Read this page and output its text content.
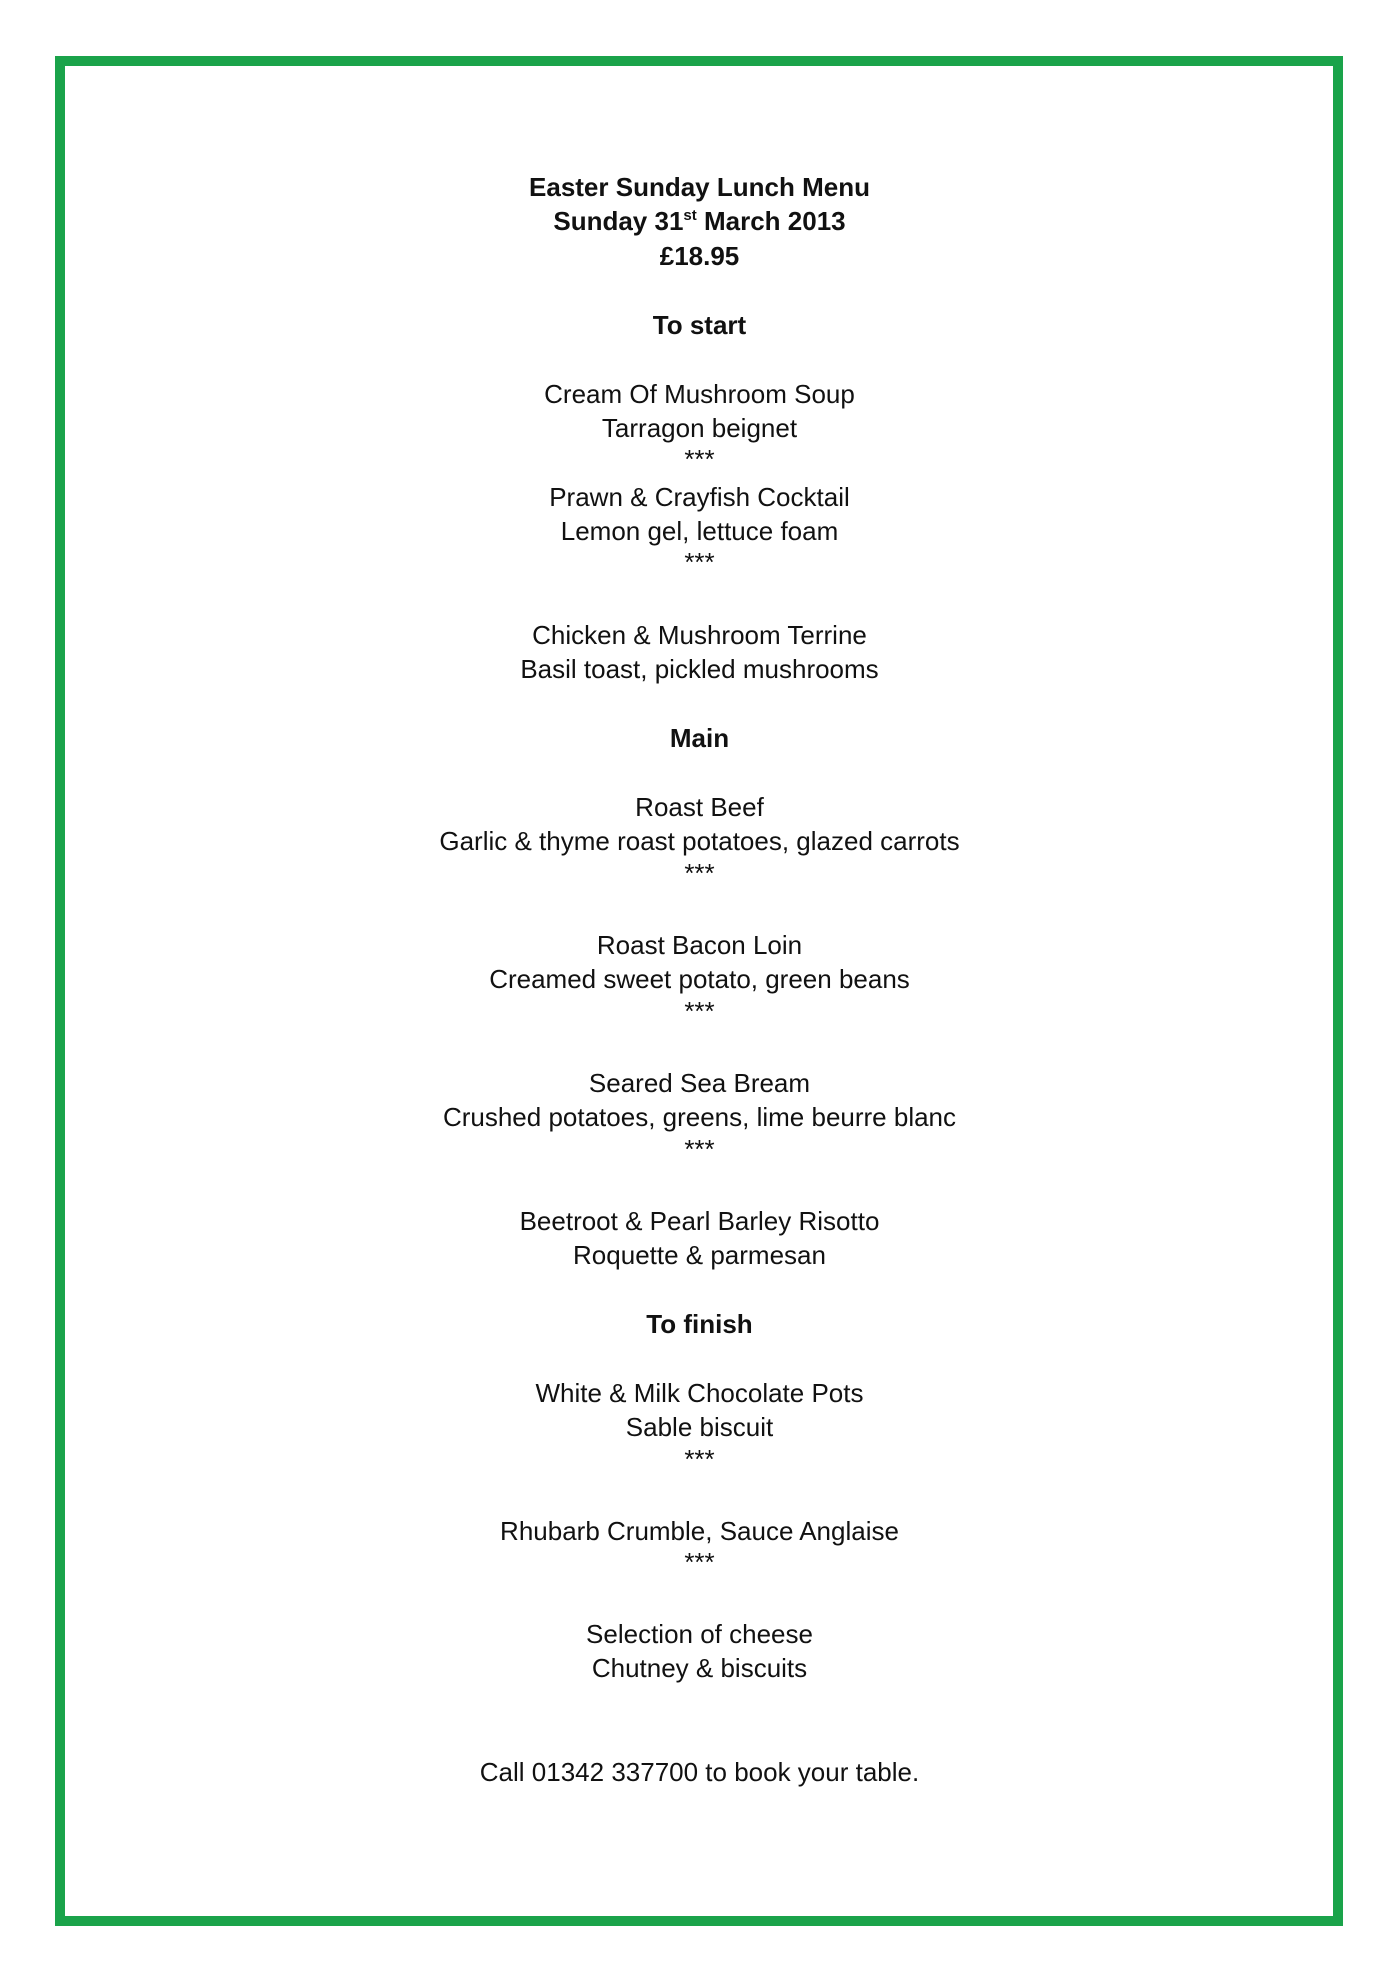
Easter Sunday Lunch Menu
Sunday 31st March 2013
£18.95
To start
Cream Of Mushroom Soup
Tarragon beignet
***
Prawn & Crayfish Cocktail
Lemon gel, lettuce foam
***
Chicken & Mushroom Terrine
Basil toast, pickled mushrooms
Main
Roast Beef
Garlic & thyme roast potatoes, glazed carrots
***
Roast Bacon Loin
Creamed sweet potato, green beans
***
Seared Sea Bream
Crushed potatoes, greens, lime beurre blanc
***
Beetroot & Pearl Barley Risotto
Roquette & parmesan
To finish
White & Milk Chocolate Pots
Sable biscuit
***
Rhubarb Crumble, Sauce Anglaise
***
Selection of cheese
Chutney & biscuits
Call 01342 337700 to book your table.
